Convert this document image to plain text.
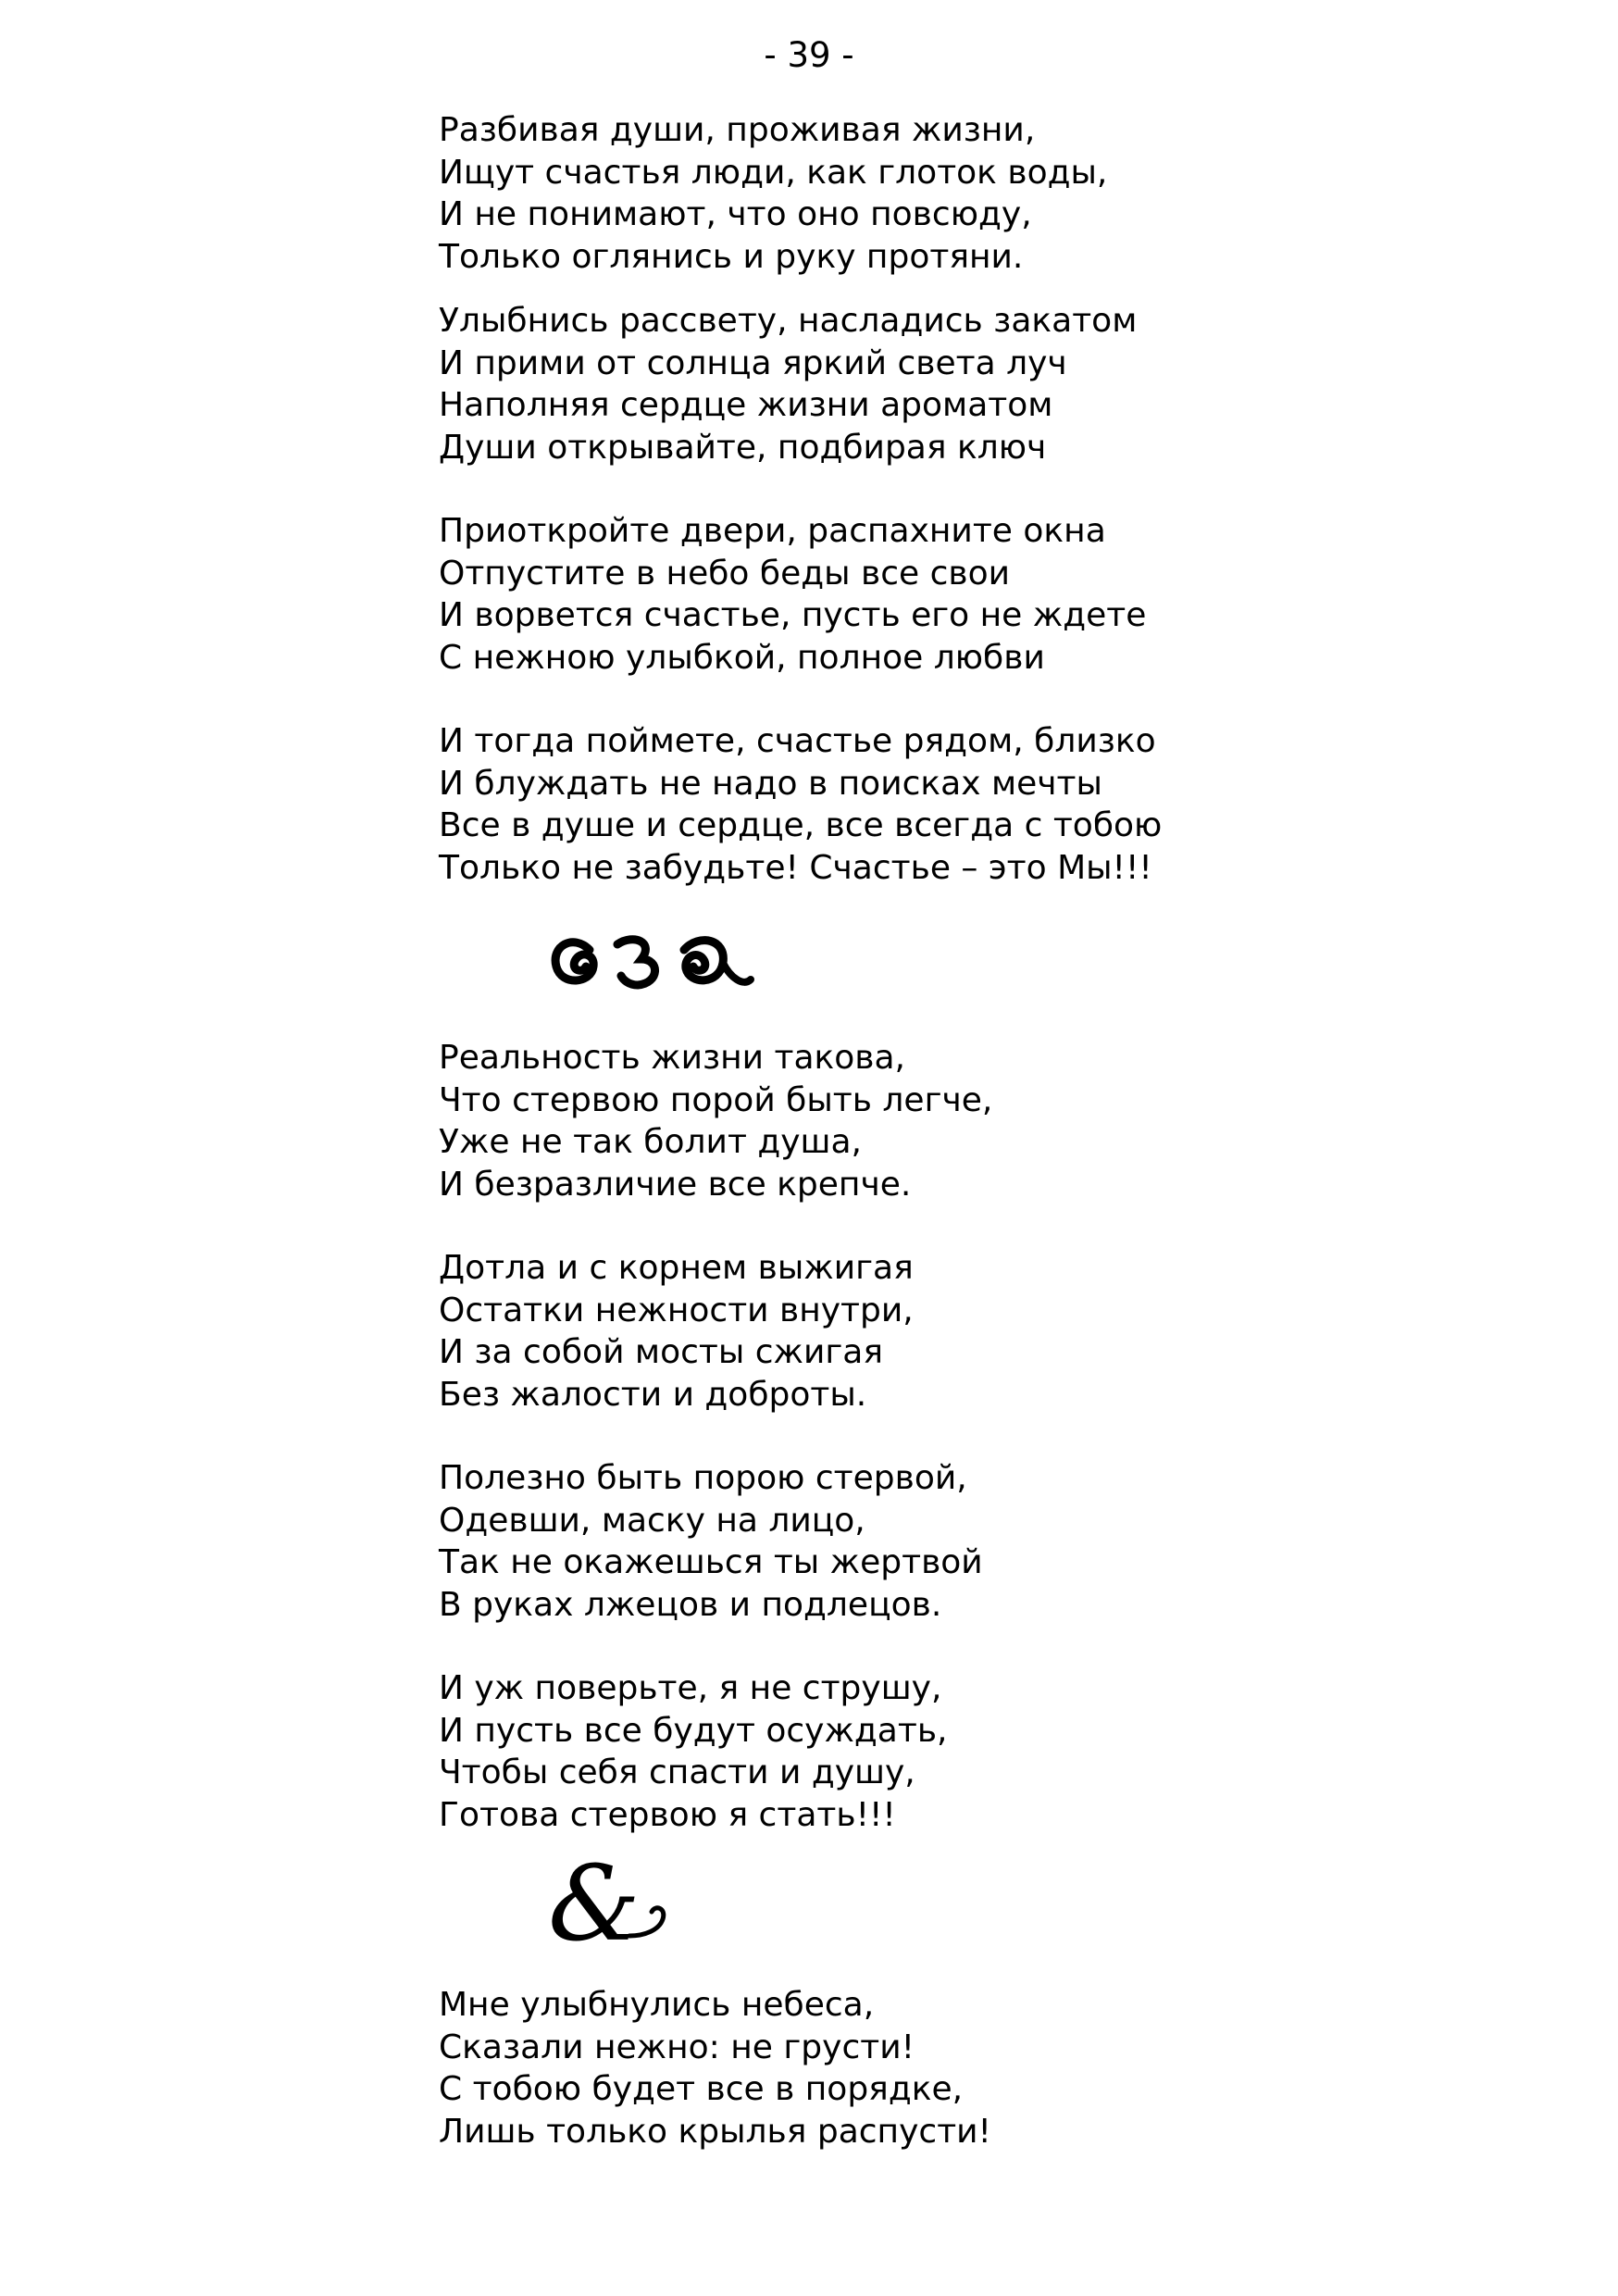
- 39 -
Разбивая души, проживая жизни,
Ищут счастья люди, как глоток воды,
И не понимают, что оно повсюду,
Только оглянись и руку протяни.
Улыбнись рассвету, насладись закатом
И прими от солнца яркий света луч
Наполняя сердце жизни ароматом
Души открывайте, подбирая ключ
Приоткройте двери, распахните окна
Отпустите в небо беды все свои
И ворвется счастье, пусть его не ждете
С нежною улыбкой, полное любви
И тогда поймете, счастье рядом, близко
И блуждать не надо в поисках мечты
Все в душе и сердце, все всегда с тобою
Только не забудьте! Счастье – это Мы!!!
Реальность жизни такова,
Что стервою порой быть легче,
Уже не так болит душа,
И безразличие все крепче.
Дотла и с корнем выжигая
Остатки нежности внутри,
И за собой мосты сжигая
Без жалости и доброты.
Полезно быть порою стервой,
Одевши, маску на лицо,
Так не окажешься ты жертвой
В руках лжецов и подлецов.
И уж поверьте, я не струшу,
И пусть все будут осуждать,
Чтобы себя спасти и душу,
Готова стервою я стать!!!
&
Мне улыбнулись небеса,
Сказали нежно: не грусти!
С тобою будет все в порядке,
Лишь только крылья распусти!
